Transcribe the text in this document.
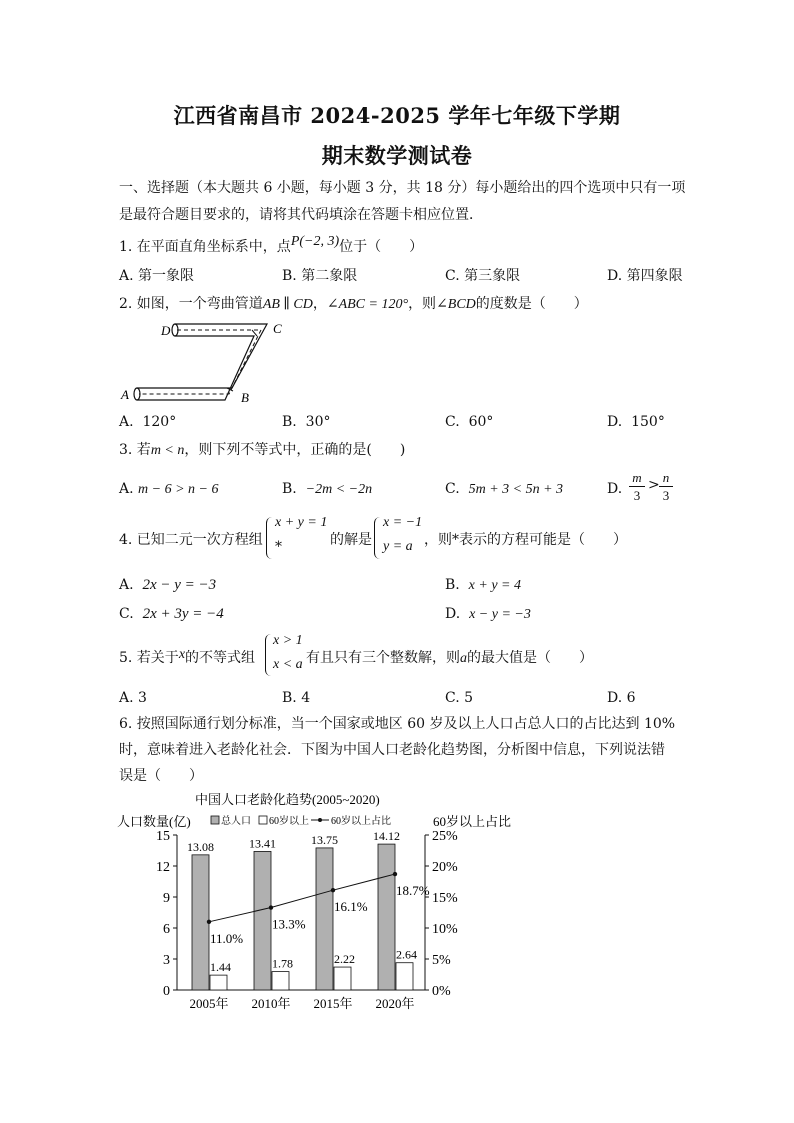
江西省南昌市 2024-2025 学年七年级下学期
期末数学测试卷
一、选择题（本大题共 6 小题，每小题 3 分，共 18 分）每小题给出的四个选项中只有一项
是最符合题目要求的，请将其代码填涂在答题卡相应位置．
1. 在平面直角坐标系中，点P(−2, 3)位于（　　）
A. 第一象限	B. 第二象限	C. 第三象限	D. 第四象限
2. 如图，一个弯曲管道AB ∥ CD，∠ABC = 120°，则∠BCD的度数是（　　）
D	C
A	B
A. 120°	B. 30°	C. 60°	D. 150°
3. 若m < n，则下列不等式中，正确的是(　　)
A. m − 6 > n − 6	B. −2m < −2n	C. 5m + 3 < 5n + 3	D.
m
3
> n
3
4. 已知二元一次方程组
x + y = 1
*	的解是
x = −1
y = a ，则*表示的方程可能是（　　）
A. 2x − y = −3	B. x + y = 4
C. 2x + 3y = −4	D. x − y = −3
5. 若关于x的不等式组
x > 1
x < a 有且只有三个整数解，则a的最大值是（　　）
A. 3	B. 4	C. 5	D. 6
6. 按照国际通行划分标准，当一个国家或地区 60 岁及以上人口占总人口的占比达到 10%
时，意味着进入老龄化社会．下图为中国人口老龄化趋势图，分析图中信息，下列说法错
误是（　　）
中国人口老龄化趋势(2005~2020)
人口数量(亿)	60岁以上占比
总人口 60岁以上 60岁以上占比
0
3
6
9
12
15
0%
5%
10%
15%
20%
25%
13.08
1.44
2005年
13.41
1.78
2010年
13.75
2.22
2015年
14.12
2.64
2020年
11.0%
13.3%
16.1%
18.7%
